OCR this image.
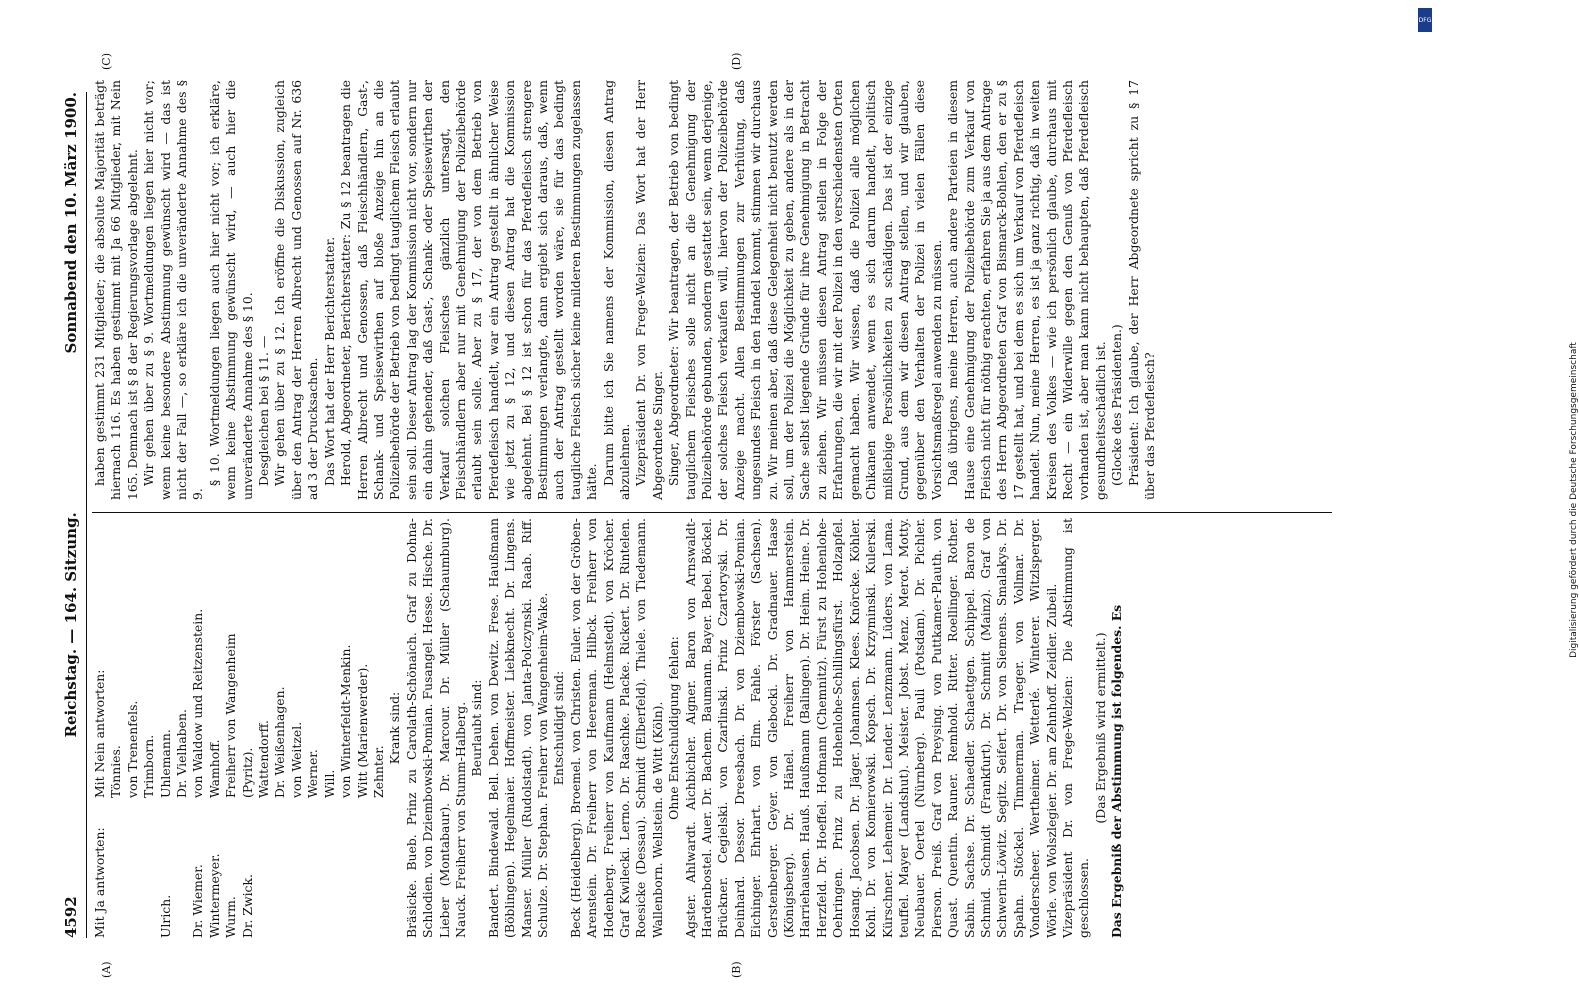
4592
Reichstag. — 164. Sitzung.
Sonnabend den 10. März 1900.
(A)	(B)
(C)	(D)
Mit Ja antworten:
Mit Nein antworten: Tönnies. von Trenenfels. Trimborn.
Ulrich.
Uhlemann. Dr. Vielhaben.
Dr. Wiemer.
von Waldow und Reitzenstein.
Wintermeyer.
Wamhoff.
Wurm.
Freiherr von Wangenheim
Dr. Zwick.
(Pyritz). Wattendorff. Dr. Weißenhagen. von Weitzel. Werner. Will. von Winterfeldt-Menkin. Witt (Marienwerder). Zehnter.
Krank sind: Bräsicke. Bueb. Prinz zu Carolath-Schönaich. Graf zu Dohna-Schlodien. von Dziembowski-Pomian. Fusangel. Hesse. Hische. Dr. Lieber (Montabaur). Dr. Marcour. Dr. Müller (Schaumburg). Nauck. Freiherr von Stumm-Halberg. Beurlaubt sind: Bandert. Bindewald. Bell. Dehen. von Dewitz. Frese. Haußmann (Böblingen). Hegelmaier. Hoffmeister. Liebknecht. Dr. Lingens. Manser. Müller (Rudolstadt). von Janta-Polczynski. Raab. Riff. Schulze. Dr. Stephan. Freiherr von Wangenheim-Wake. Entschuldigt sind: Beck (Heidelberg). Broemel. von Christen. Euler. von der Gröben-Arenstein. Dr. Freiherr von Heereman. Hilbck. Freiherr von Hodenberg. Freiherr von Kaufmann (Helmstedt). von Kröcher. Graf Kwilecki. Lerno. Dr. Raschke. Placke. Rickert. Dr. Rintelen. Roesicke (Dessau). Schmidt (Elberfeld). Thiele. von Tiedemann. Wallenborn. Wellstein. de Witt (Köln). Ohne Entschuldigung fehlen: Agster. Ahlwardt. Aichbichler. Aigner. Baron von Arnswaldt-Hardenbostel. Auer. Dr. Bachem. Baumann. Bayer. Bebel. Böckel. Brückner. Cegielski. von Czarlinski. Prinz Czartoryski. Dr. Deinhard. Dessor. Dreesbach. Dr. von Dziembowski-Pomian. Eichinger. Ehrhart. von Elm. Fahle. Förster (Sachsen). Gerstenberger. Geyer. von Glebocki. Dr. Gradnauer. Haase (Königsberg). Dr. Hänel. Freiherr von Hammerstein. Harriehausen. Hauß. Haußmann (Balingen). Dr. Heim. Heine. Dr. Herzfeld. Dr. Hoeffel. Hofmann (Chemnitz). Fürst zu Hohenlohe-Oehringen. Prinz zu Hohenlohe-Schillingsfürst. Holzapfel. Hosang. Jacobsen. Dr. Jäger. Johannsen. Klees. Knörcke. Köhler. Kohl. Dr. von Komierowski. Kopsch. Dr. Krzyminski. Kulerski. Kürschner. Lehemeir. Dr. Lender. Lenzmann. Lüders. von Lama. teuffel. Mayer (Landshut). Meister. Jobst. Menz. Merot. Motty. Neubauer. Oertel (Nürnberg). Pauli (Potsdam). Dr. Pichler. Pierson. Preiß. Graf von Preysing. von Puttkamer-Plauth. von Quast. Quentin. Rauner. Remhold. Ritter. Roellinger. Rother. Sabin. Sachse. Dr. Schaedler. Schaettgen. Schippel. Baron de Schmid. Schmidt (Frankfurt). Dr. Schmitt (Mainz). Graf von Schwerin-Löwitz. Segitz. Seifert. Dr. von Siemens. Smalakys. Dr. Spahn. Stöckel. Timmerman. Traeger. von Vollmar. Dr. Vonderscheer. Wertheimer. Wetterlé. Winterer. Witzlsperger. Wörle. von Wolszlegier. Dr. am Zehnhoff. Zeidler. Zubeil. Vizepräsident Dr. von Frege-Welzien: Die Abstimmung ist geschlossen.

(Das Ergebniß wird ermittelt.) Das Ergebniß der Abstimmung ist folgendes. Es

haben gestimmt 231 Mitglieder; die absolute Majorität beträgt hiernach 116. Es haben gestimmt mit Ja 66 Mitglieder, mit Nein 165. Demnach ist § 8 der Regierungsvorlage abgelehnt. Wir gehen über zu § 9. Wortmeldungen liegen hier nicht vor; wenn keine besondere Abstimmung gewünscht wird — das ist nicht der Fall —, so erkläre ich die unveränderte Annahme des § 9.

§ 10. Wortmeldungen liegen auch hier nicht vor; ich erkläre, wenn keine Abstimmung gewünscht wird, — auch hier die unveränderte Annahme des § 10. Desgleichen bei § 11. — Wir gehen über zu § 12. Ich eröffne die Diskussion, zugleich über den Antrag der Herren Albrecht und Genossen auf Nr. 636 ad 3 der Drucksachen. Das Wort hat der Herr Berichterstatter. Herold, Abgeordneter, Berichterstatter: Zu § 12 beantragen die Herren Albrecht und Genossen, daß Fleischhändlern, Gast-, Schank- und Speisewirthen auf bloße Anzeige hin an die Polizeibehörde der Betrieb von bedingt tauglichem Fleisch erlaubt sein soll. Dieser Antrag lag der Kommission nicht vor, sondern nur ein dahin gehender, daß Gast-, Schank- oder Speisewirthen der Verkauf solchen Fleisches gänzlich untersagt, den Fleischhändlern aber nur mit Genehmigung der Polizeibehörde erlaubt sein solle. Aber zu § 17, der von dem Betrieb von Pferdefleisch handelt, war ein Antrag gestellt in ähnlicher Weise wie jetzt zu § 12, und diesen Antrag hat die Kommission abgelehnt. Bei § 12 ist schon für das Pferdefleisch strengere Bestimmungen verlangte, dann ergiebt sich daraus, daß, wenn auch der Antrag gestellt worden wäre, sie für das bedingt taugliche Fleisch sicher keine milderen Bestimmungen zugelassen hätte. Darum bitte ich Sie namens der Kommission, diesen Antrag abzulehnen. Vizepräsident Dr. von Frege-Welzien: Das Wort hat der Herr Abgeordnete Singer. Singer, Abgeordneter: Wir beantragen, der Betrieb von bedingt tauglichem Fleisches solle nicht an die Genehmigung der Polizeibehörde gebunden, sondern gestattet sein, wenn derjenige, der solches Fleisch verkaufen will, hiervon der Polizeibehörde Anzeige macht. Allen Bestimmungen zur Verhütung, daß ungesundes Fleisch in den Handel kommt, stimmen wir durchaus zu. Wir meinen aber, daß diese Gelegenheit nicht benutzt werden soll, um der Polizei die Möglichkeit zu geben, andere als in der Sache selbst liegende Gründe für ihre Genehmigung in Betracht zu ziehen. Wir müssen diesen Antrag stellen in Folge der Erfahrungen, die wir mit der Polizei in den verschiedensten Orten gemacht haben. Wir wissen, daß die Polizei alle möglichen Chikanen anwendet, wenn es sich darum handelt, politisch mißliebige Persönlichkeiten zu schädigen. Das ist der einzige Grund, aus dem wir diesen Antrag stellen, und wir glauben, gegenüber den Verhalten der Polizei in vielen Fällen diese Vorsichtsmaßregel anwenden zu müssen. Daß übrigens, meine Herren, auch andere Parteien in diesem Hause eine Genehmigung der Polizeibehörde zum Verkauf von Fleisch nicht für nöthig erachten, erfahren Sie ja aus dem Antrage des Herrn Abgeordneten Graf von Bismarck-Bohlen, den er zu § 17 gestellt hat, und bei dem es sich um Verkauf von Pferdefleisch handelt. Nun, meine Herren, es ist ja ganz richtig, daß in weiten Kreisen des Volkes — wie ich persönlich glaube, durchaus mit Recht — ein Widerwille gegen den Genuß von Pferdefleisch vorhanden ist, aber man kann nicht behaupten, daß Pferdefleisch gesundheitsschädlich ist. (Glocke des Präsidenten.) Präsident: Ich glaube, der Herr Abgeordnete spricht zu § 17 über das Pferdefleisch?

DFG
Digitalisierung gefördert durch die Deutsche Forschungsgemeinschaft
